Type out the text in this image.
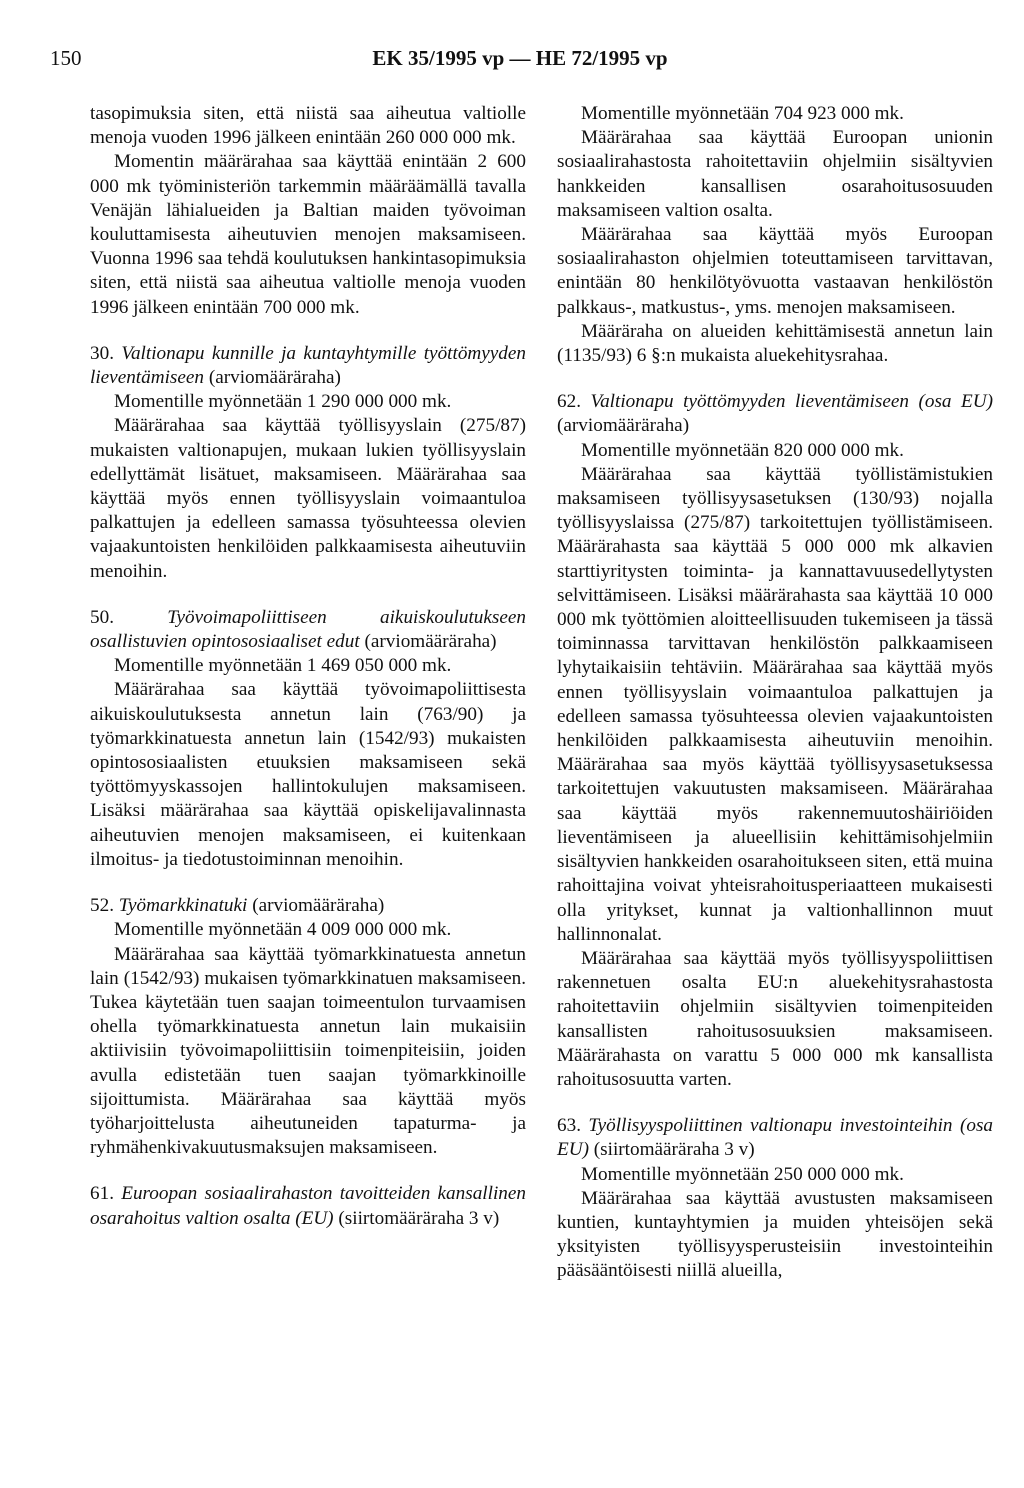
150	EK 35/1995 vp — HE 72/1995 vp

tasopimuksia siten, että niistä saa aiheutua valtiolle menoja vuoden 1996 jälkeen enintään 260 000 000 mk.

Momentin määrärahaa saa käyttää enintään 2 600 000 mk työministeriön tarkemmin määräämällä tavalla Venäjän lähialueiden ja Baltian maiden työvoiman kouluttamisesta aiheutuvien menojen maksamiseen. Vuonna 1996 saa tehdä koulutuksen hankintasopimuksia siten, että niistä saa aiheutua valtiolle menoja vuoden 1996 jälkeen enintään 700 000 mk.

30. Valtionapu kunnille ja kuntayhtymille työttömyyden lieventämiseen (arviomääräraha)

Momentille myönnetään 1 290 000 000 mk.

Määrärahaa saa käyttää työllisyyslain (275/87) mukaisten valtionapujen, mukaan lukien työllisyyslain edellyttämät lisätuet, maksamiseen. Määrärahaa saa käyttää myös ennen työllisyyslain voimaantuloa palkattujen ja edelleen samassa työsuhteessa olevien vajaakuntoisten henkilöiden palkkaamisesta aiheutuviin menoihin.

50.	Työvoimapoliittiseen aikuiskoulutukseen osallistuvien opintososiaaliset edut (arviomääräraha)

Momentille myönnetään 1 469 050 000 mk.

Määrärahaa saa käyttää työvoimapoliittisesta aikuiskoulutuksesta annetun lain (763/90) ja työmarkkinatuesta annetun lain (1542/93) mukaisten opintososiaalisten etuuksien maksamiseen sekä työttömyyskassojen hallintokulujen maksamiseen. Lisäksi määrärahaa saa käyttää opiskelijavalinnasta aiheutuvien menojen maksamiseen, ei kuitenkaan ilmoitus- ja tiedotustoiminnan menoihin.

52. Työmarkkinatuki (arviomääräraha)

Momentille myönnetään 4 009 000 000 mk.

Määrärahaa saa käyttää työmarkkinatuesta annetun lain (1542/93) mukaisen työmarkkinatuen maksamiseen. Tukea käytetään tuen saajan toimeentulon turvaamisen ohella työmarkkinatuesta annetun lain mukaisiin aktiivisiin työvoimapoliittisiin toimenpiteisiin, joiden avulla edistetään tuen saajan työmarkkinoille sijoittumista. Määrärahaa saa käyttää myös työharjoittelusta aiheutuneiden tapaturma- ja ryhmähenkivakuutusmaksujen maksamiseen.

61. Euroopan sosiaalirahaston tavoitteiden kansallinen osarahoitus valtion osalta (EU) (siirtomääräraha 3 v)

Momentille myönnetään 704 923 000 mk.

Määrärahaa saa käyttää Euroopan unionin sosiaalirahastosta rahoitettaviin ohjelmiin sisältyvien hankkeiden kansallisen osarahoitusosuuden maksamiseen valtion osalta.

Määrärahaa saa käyttää myös Euroopan sosiaalirahaston ohjelmien toteuttamiseen tarvittavan, enintään 80 henkilötyövuotta vastaavan henkilöstön palkkaus-, matkustus-, yms. menojen maksamiseen.

Määräraha on alueiden kehittämisestä annetun lain (1135/93) 6 §:n mukaista aluekehitysrahaa.

62. Valtionapu työttömyyden lieventämiseen (osa EU) (arviomääräraha)

Momentille myönnetään 820 000 000 mk.

Määrärahaa saa käyttää työllistämistukien maksamiseen työllisyysasetuksen (130/93) nojalla työllisyyslaissa (275/87) tarkoitettujen työllistämiseen. Määrärahasta saa käyttää 5 000 000 mk alkavien starttiyritysten toiminta- ja kannattavuusedellytysten selvittämiseen. Lisäksi määrärahasta saa käyttää 10 000 000 mk työttömien aloitteellisuuden tukemiseen ja tässä toiminnassa tarvittavan henkilöstön palkkaamiseen lyhytaikaisiin tehtäviin. Määrärahaa saa käyttää myös ennen työllisyyslain voimaantuloa palkattujen ja edelleen samassa työsuhteessa olevien vajaakuntoisten henkilöiden palkkaamisesta aiheutuviin menoihin. Määrärahaa saa myös käyttää työllisyysasetuksessa tarkoitettujen vakuutusten maksamiseen. Määrärahaa saa käyttää myös rakennemuutoshäiriöiden lieventämiseen ja alueellisiin kehittämisohjelmiin sisältyvien hankkeiden osarahoitukseen siten, että muina rahoittajina voivat yhteisrahoitusperiaatteen mukaisesti olla yritykset, kunnat ja valtionhallinnon muut hallinnonalat.

Määrärahaa saa käyttää myös työllisyyspoliittisen rakennetuen osalta EU:n aluekehitysrahastosta rahoitettaviin ohjelmiin sisältyvien toimenpiteiden kansallisten rahoitusosuuksien maksamiseen. Määrärahasta on varattu 5 000 000 mk kansallista rahoitusosuutta varten.

63. Työllisyyspoliittinen valtionapu investointeihin (osa EU) (siirtomääräraha 3 v)

Momentille myönnetään 250 000 000 mk.

Määrärahaa saa käyttää avustusten maksamiseen kuntien, kuntayhtymien ja muiden yhteisöjen sekä yksityisten työllisyysperusteisiin investointeihin pääsääntöisesti niillä alueilla,
